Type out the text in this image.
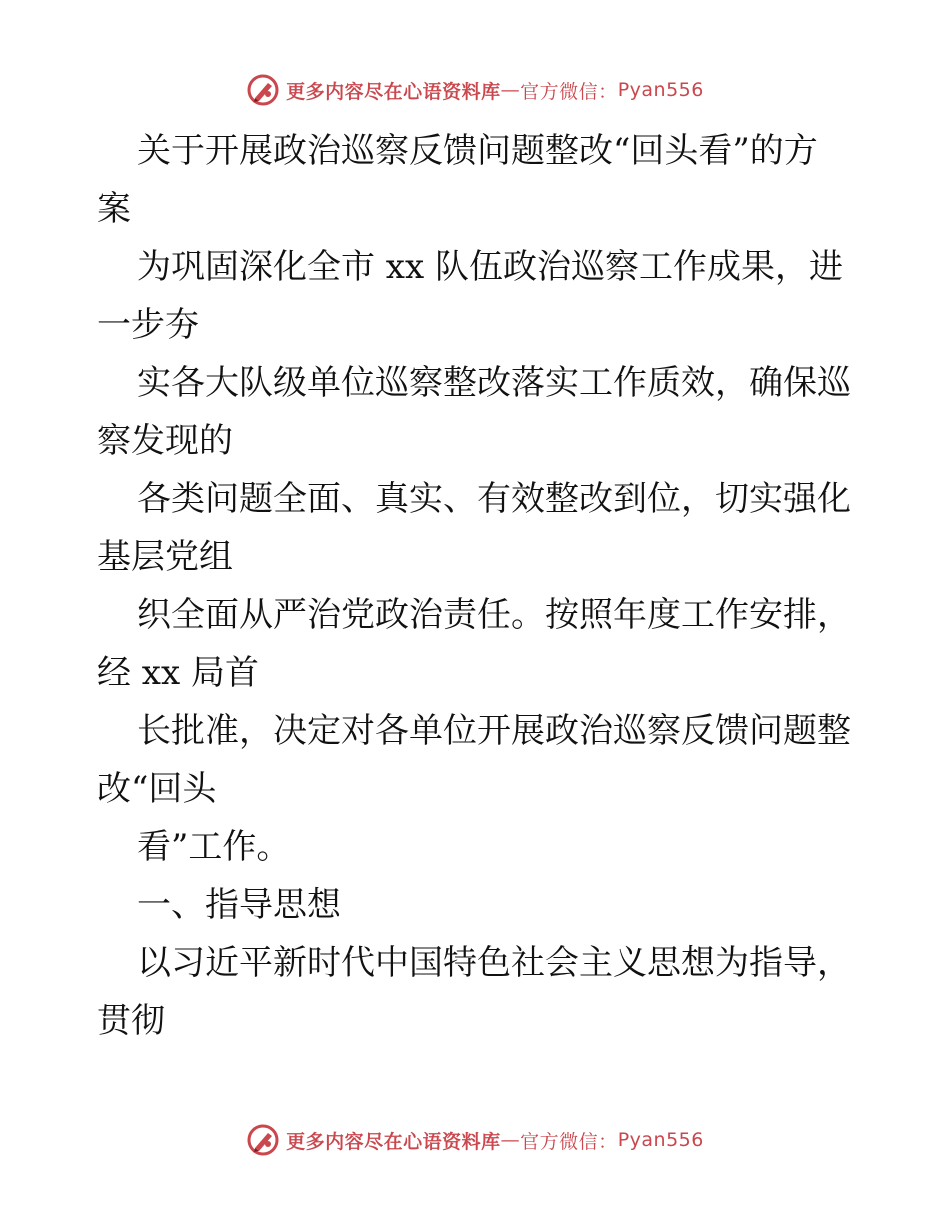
更多内容尽在心语资料库 — 官方微信： Pyan556
关于开展政治巡察反馈问题整改“回头看”的方
案
为巩固深化全市 xx 队伍政治巡察工作成果，进
一步夯
实各大队级单位巡察整改落实工作质效，确保巡
察发现的
各类问题全面、真实、有效整改到位，切实强化
基层党组
织全面从严治党政治责任。按照年度工作安排，
经 xx 局首
长批准，决定对各单位开展政治巡察反馈问题整
改“回头
看”工作。
一、指导思想
以习近平新时代中国特色社会主义思想为指导，
贯彻
更多内容尽在心语资料库 — 官方微信： Pyan556
